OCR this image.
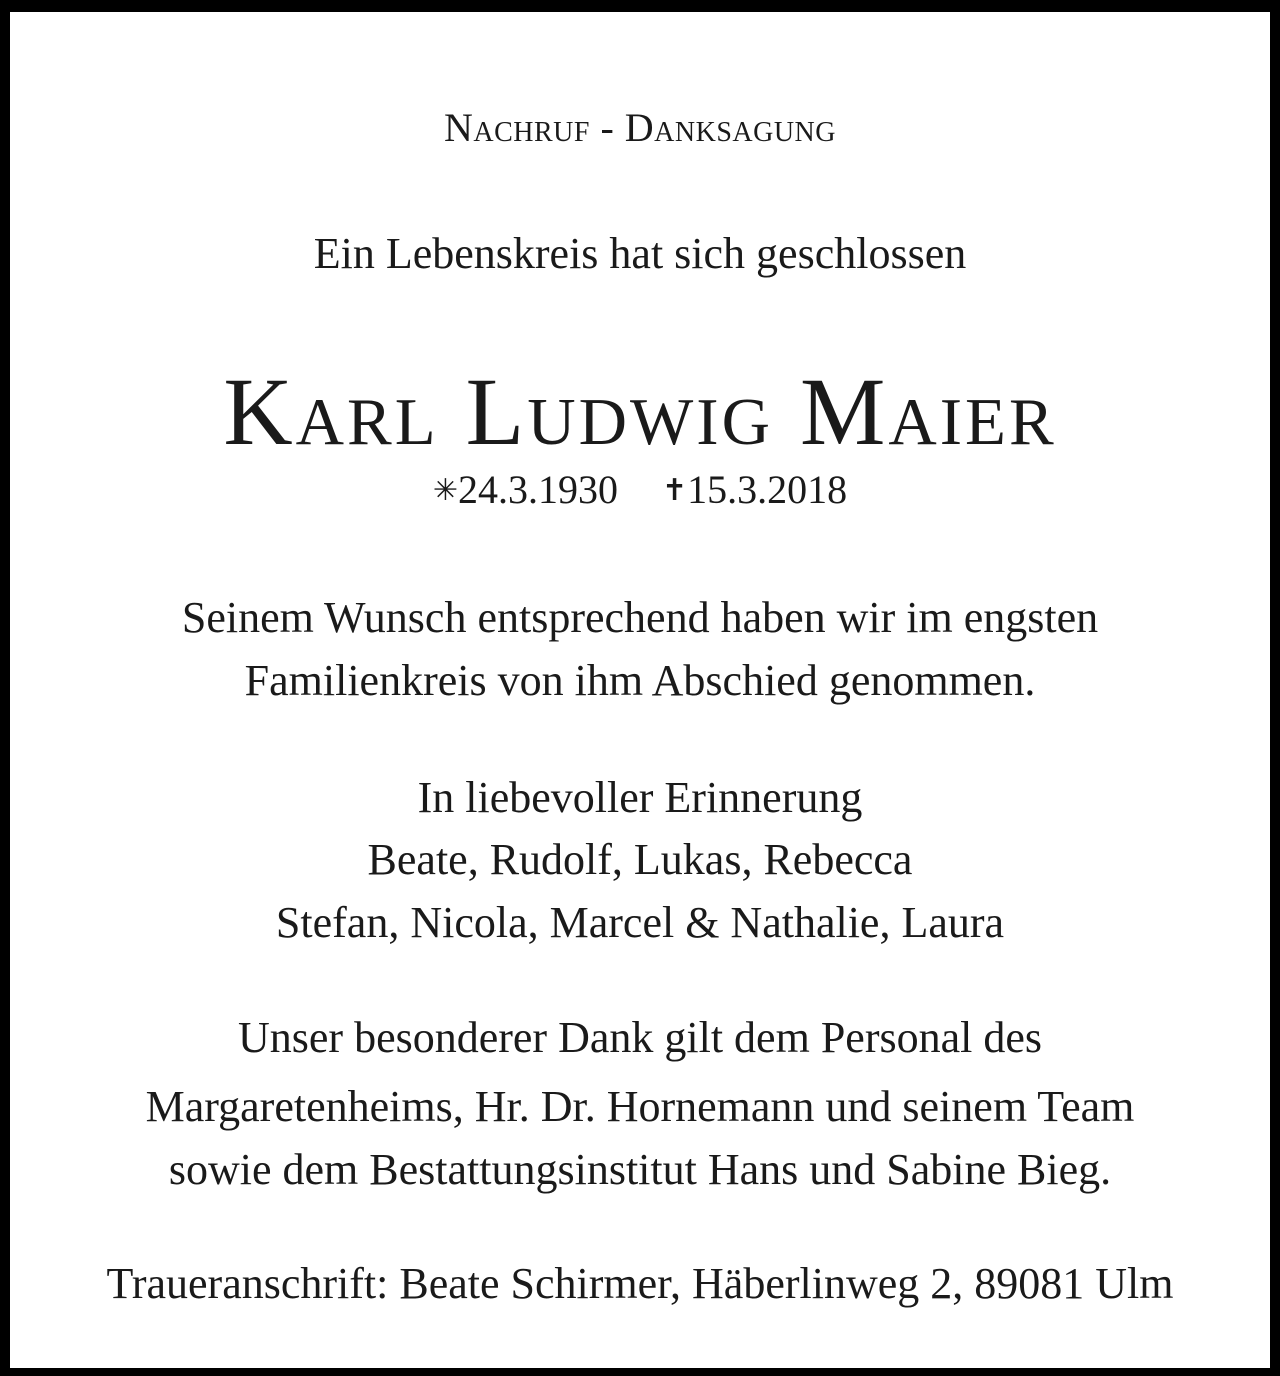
Nachruf - Danksagung
Ein Lebenskreis hat sich geschlossen
Karl Ludwig Maier
✳24.3.1930 ✝15.3.2018
Seinem Wunsch entsprechend haben wir im engsten
Familienkreis von ihm Abschied genommen.
In liebevoller Erinnerung
Beate, Rudolf, Lukas, Rebecca
Stefan, Nicola, Marcel & Nathalie, Laura
Unser besonderer Dank gilt dem Personal des
Margaretenheims, Hr. Dr. Hornemann und seinem Team
sowie dem Bestattungsinstitut Hans und Sabine Bieg.
Traueranschrift: Beate Schirmer, Häberlinweg 2, 89081 Ulm
